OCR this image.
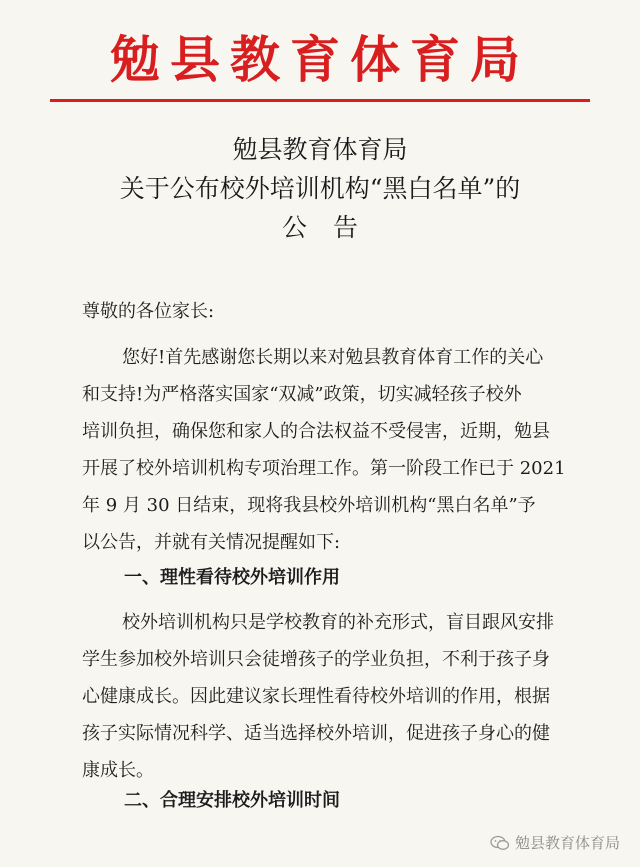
勉县教育体育局
勉县教育体育局
关于公布校外培训机构“黑白名单”的
公告
尊敬的各位家长:
您好!首先感谢您长期以来对勉县教育体育工作的关心
和支持!为严格落实国家“双减”政策，切实减轻孩子校外
培训负担，确保您和家人的合法权益不受侵害，近期，勉县
开展了校外培训机构专项治理工作。第一阶段工作已于 2021
年 9 月 30 日结束，现将我县校外培训机构“黑白名单”予
以公告，并就有关情况提醒如下:
一、理性看待校外培训作用
校外培训机构只是学校教育的补充形式，盲目跟风安排
学生参加校外培训只会徒增孩子的学业负担，不利于孩子身
心健康成长。因此建议家长理性看待校外培训的作用，根据
孩子实际情况科学、适当选择校外培训，促进孩子身心的健
康成长。
二、合理安排校外培训时间
勉县教育体育局
